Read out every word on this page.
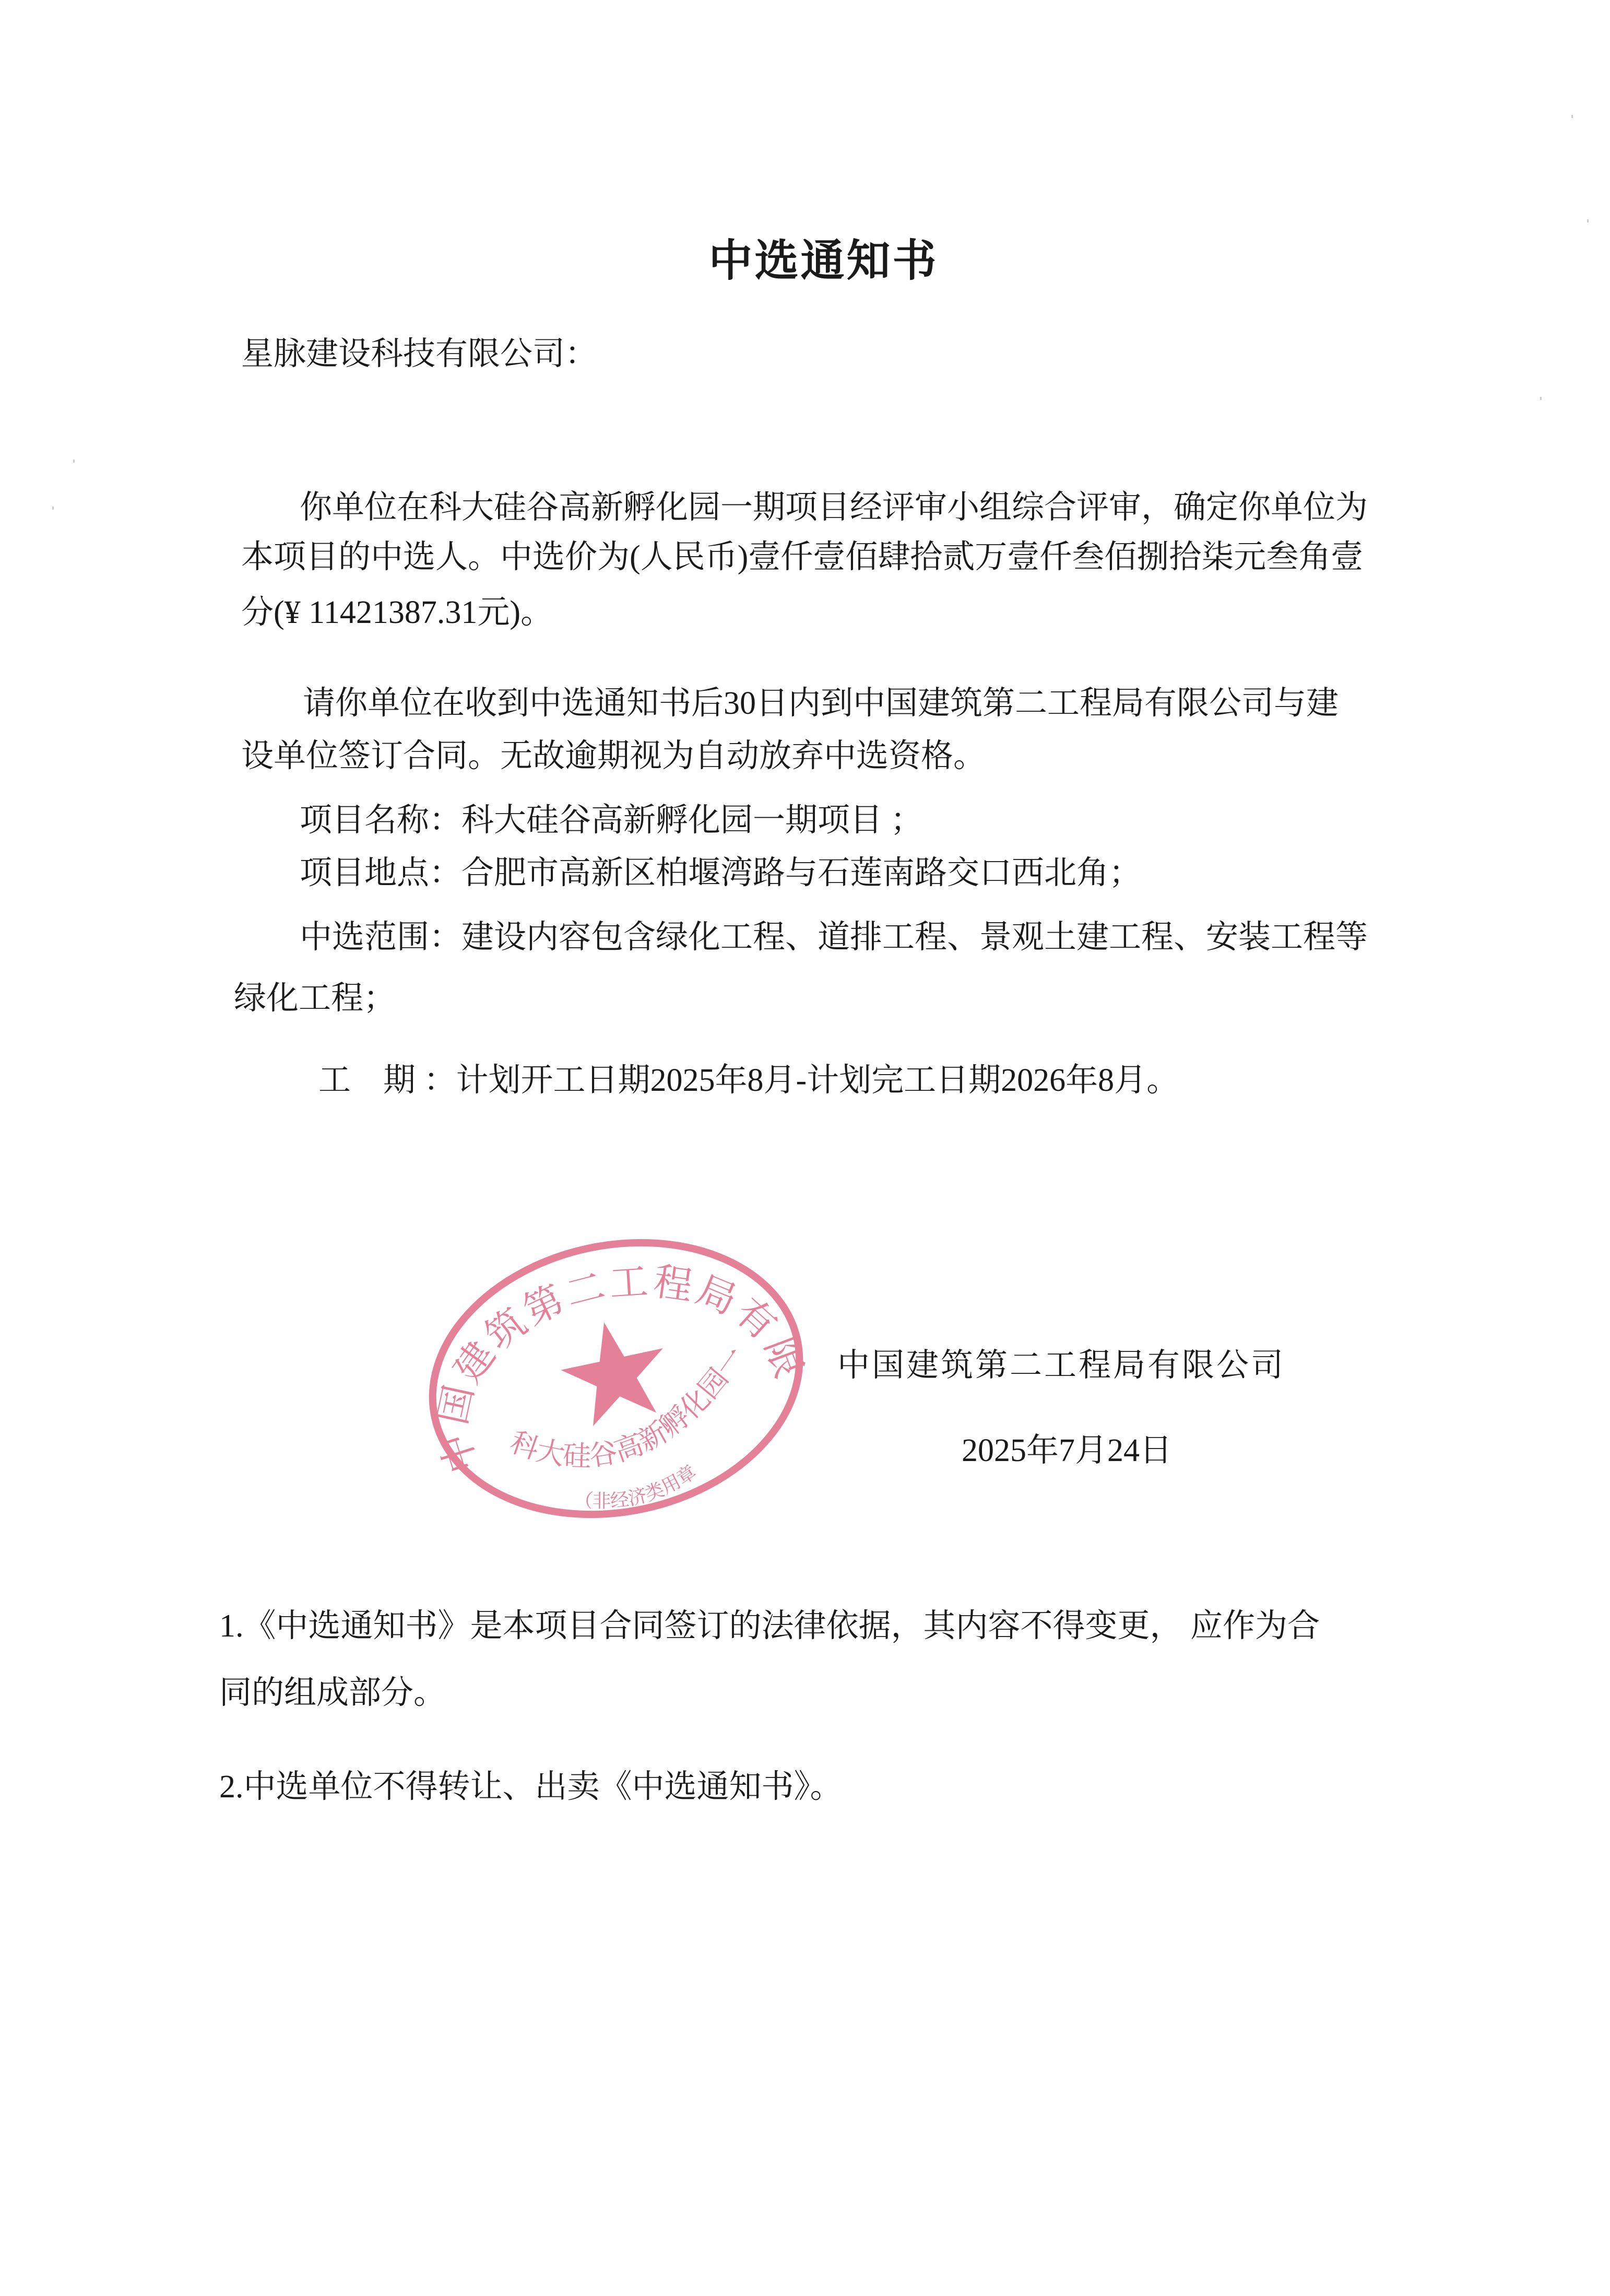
中选通知书
星脉建设科技有限公司：
你单位在科大硅谷高新孵化园一期项目经评审小组综合评审，确定你单位为
本项目的中选人。中选价为(人民币)壹仟壹佰肆拾贰万壹仟叁佰捌拾柒元叁角壹
分(¥ 11421387.31元)。
请你单位在收到中选通知书后30日内到中国建筑第二工程局有限公司与建
设单位签订合同。无故逾期视为自动放弃中选资格。
项目名称：科大硅谷高新孵化园一期项目 ；
项目地点：合肥市高新区柏堰湾路与石莲南路交口西北角；
中选范围：建设内容包含绿化工程、道排工程、景观土建工程、安装工程等
绿化工程；
工　期 ：计划开工日期2025年8月-计划完工日期2026年8月。
中国建筑第二工程局有限公司
科大硅谷高新孵化园一期项目部
（非经济类用章）
中国建筑第二工程局有限公司
2025年7月24日
1.《中选通知书》是本项目合同签订的法律依据，其内容不得变更， 应作为合
同的组成部分。
2.中选单位不得转让、出卖《中选通知书》。
